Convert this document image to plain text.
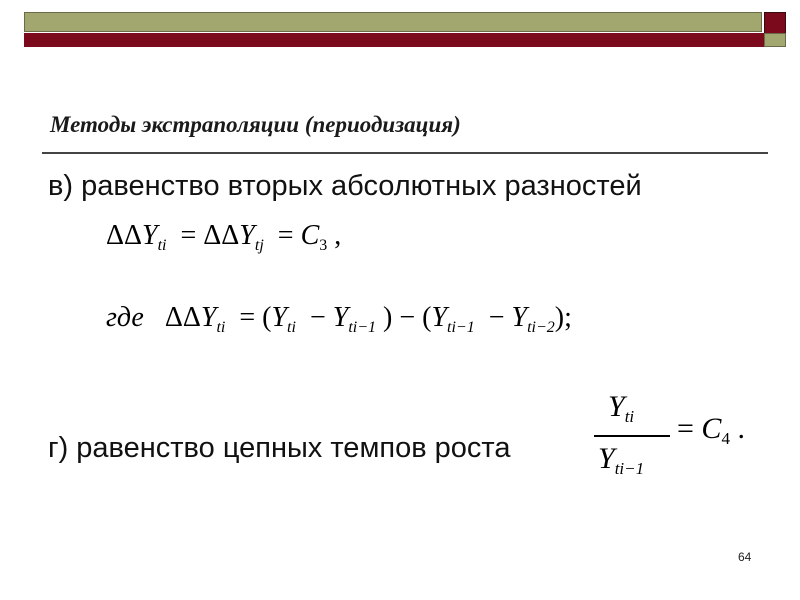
Методы экстраполяции (периодизация)
в) равенство вторых абсолютных разностей
$\Delta\Delta Y_{ti} = \Delta\Delta Y_{tj} = C_3$ ,
где   $\Delta\Delta Y_{ti} = (Y_{ti} - Y_{ti-1}$ ) − $(Y_{ti-1} - Y_{ti-2})$;
г) равенство цепных темпов роста
$Y_{ti}$
$Y_{ti-1}$
= $C_4$ .
64
